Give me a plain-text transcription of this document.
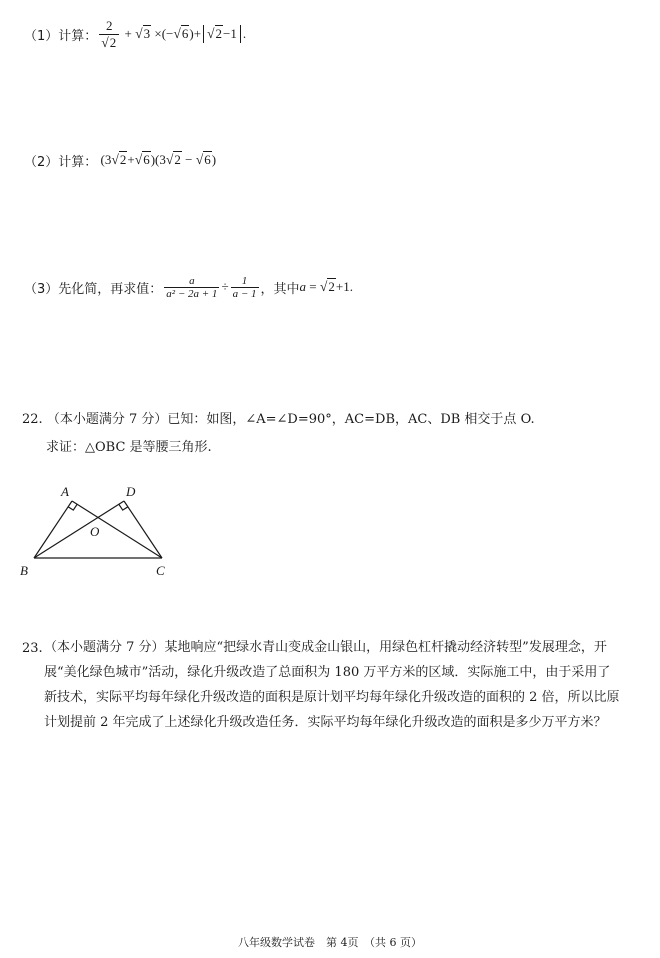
（1）计算： $\frac{2}{√2} + √3$ ×(− √6 )+ √2−1 .
（2）计算： (3 √2 + √6 )(3 √2 − √6 )
（3）先化简，再求值： $\frac{a}{\text{a² − 2a + 1}} \div \frac{1}{a - 1}$ ，其中 a = √2 +1.
22. （本小题满分 7 分）已知：如图，∠A=∠D=90°，AC=DB，AC、DB 相交于点 O.
求证：△OBC 是等腰三角形.
A	D
O
B	C
23. （本小题满分 7 分）某地响应“把绿水青山变成金山银山，用绿色杠杆撬动经济转型”发展理念，开
展“美化绿色城市”活动，绿化升级改造了总面积为 180 万平方米的区域．实际施工中，由于采用了
新技术，实际平均每年绿化升级改造的面积是原计划平均每年绿化升级改造的面积的 2 倍，所以比原
计划提前 2 年完成了上述绿化升级改造任务．实际平均每年绿化升级改造的面积是多少万平方米？
八年级数学试卷　第 4页　（共 6 页）
